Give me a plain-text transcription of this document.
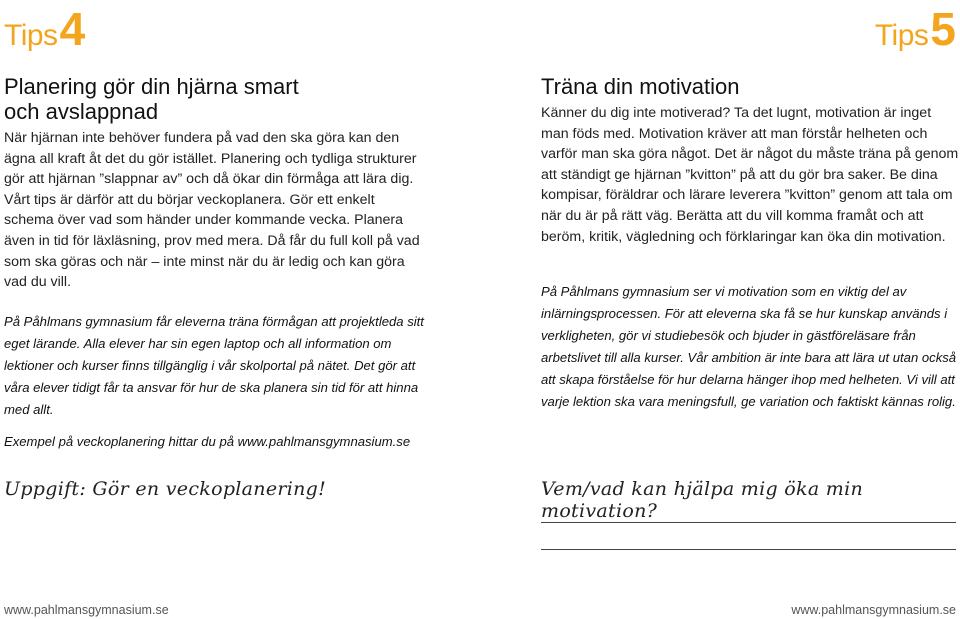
Tips 4	Tips 5
Planering gör din hjärna smart och avslappnad

När hjärnan inte behöver fundera på vad den ska göra kan den ägna all kraft åt det du gör istället. Planering och tydliga strukturer gör att hjärnan ”slappnar av” och då ökar din förmåga att lära dig. Vårt tips är därför att du börjar veckoplanera. Gör ett enkelt schema över vad som händer under kommande vecka. Planera även in tid för läxläsning, prov med mera. Då får du full koll på vad som ska göras och när – inte minst när du är ledig och kan göra vad du vill.

På Påhlmans gymnasium får eleverna träna förmågan att projektleda sitt eget lärande. Alla elever har sin egen laptop och all information om lektioner och kurser finns tillgänglig i vår skolportal på nätet. Det gör att våra elever tidigt får ta ansvar för hur de ska planera sin tid för att hinna med allt.

Exempel på veckoplanering hittar du på www.pahlmansgymnasium.se

Träna din motivation

Känner du dig inte motiverad? Ta det lugnt, motivation är inget man föds med. Motivation kräver att man förstår helheten och varför man ska göra något. Det är något du måste träna på genom att ständigt ge hjärnan ”kvitton” på att du gör bra saker. Be dina kompisar, föräldrar och lärare leverera ”kvitton” genom att tala om när du är på rätt väg. Berätta att du vill komma framåt och att beröm, kritik, vägledning och förklaringar kan öka din motivation.

På Påhlmans gymnasium ser vi motivation som en viktig del av inlärningsprocessen. För att eleverna ska få se hur kunskap används i verkligheten, gör vi studiebesök och bjuder in gästföreläsare från arbetslivet till alla kurser. Vår ambition är inte bara att lära ut utan också att skapa förståelse för hur delarna hänger ihop med helheten. Vi vill att varje lektion ska vara meningsfull, ge variation och faktiskt kännas rolig.

Uppgift: Gör en veckoplanering!	Vem/vad kan hjälpa mig öka min motivation?
www.pahlmansgymnasium.se	www.pahlmansgymnasium.se
